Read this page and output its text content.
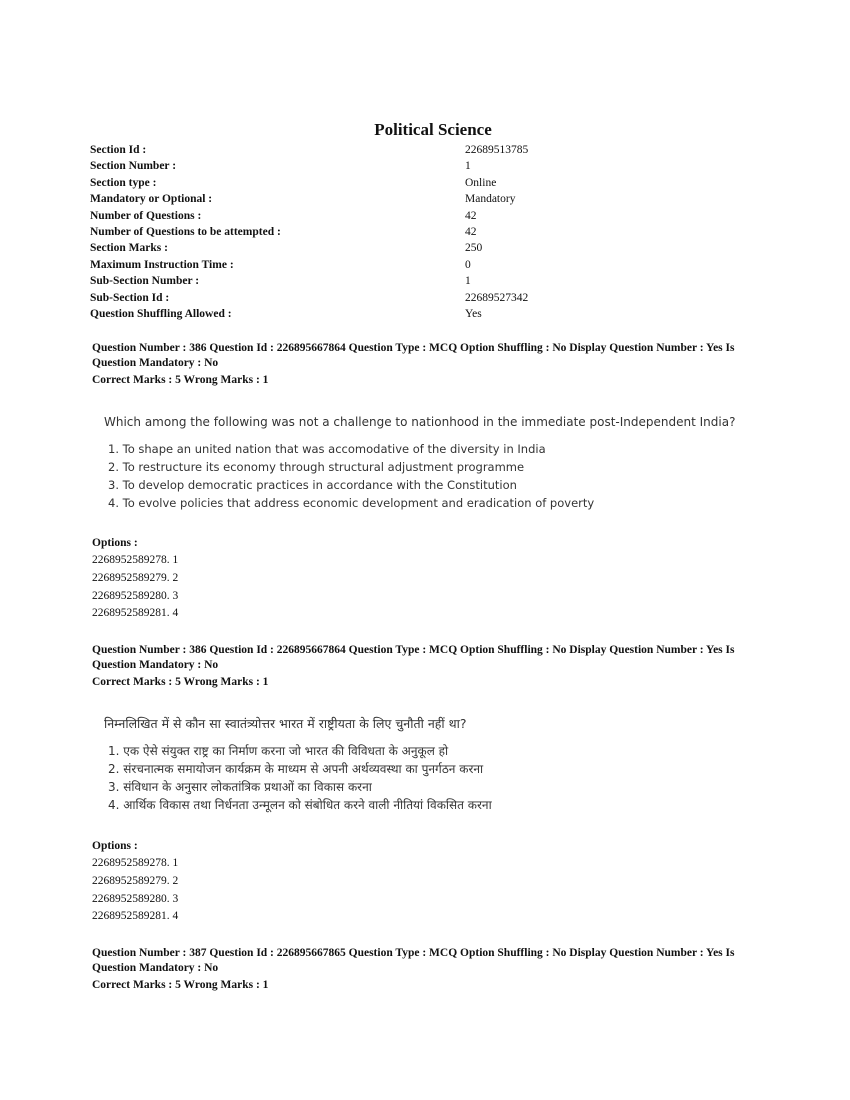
Political Science
Section Id :	22689513785
Section Number :	1
Section type :	Online
Mandatory or Optional :	Mandatory
Number of Questions :	42
Number of Questions to be attempted :	42
Section Marks :	250
Maximum Instruction Time :	0
Sub-Section Number :	1
Sub-Section Id :	22689527342
Question Shuffling Allowed :	Yes
Question Number : 386 Question Id : 226895667864 Question Type : MCQ Option Shuffling : No Display Question Number : Yes Is Question Mandatory : No
Correct Marks : 5 Wrong Marks : 1
Which among the following was not a challenge to nationhood in the immediate post-Independent India?
1. To shape an united nation that was accomodative of the diversity in India
2. To restructure its economy through structural adjustment programme
3. To develop democratic practices in accordance with the Constitution
4. To evolve policies that address economic development and eradication of poverty
Options :
2268952589278. 1
2268952589279. 2
2268952589280. 3
2268952589281. 4
Question Number : 386 Question Id : 226895667864 Question Type : MCQ Option Shuffling : No Display Question Number : Yes Is Question Mandatory : No
Correct Marks : 5 Wrong Marks : 1
निम्नलिखित में से कौन सा स्वातंत्र्योत्तर भारत में राष्ट्रीयता के लिए चुनौती नहीं था?
1. एक ऐसे संयुक्त राष्ट्र का निर्माण करना जो भारत की विविधता के अनुकूल हो
2. संरचनात्मक समायोजन कार्यक्रम के माध्यम से अपनी अर्थव्यवस्था का पुनर्गठन करना
3. संविधान के अनुसार लोकतांत्रिक प्रथाओं का विकास करना
4. आर्थिक विकास तथा निर्धनता उन्मूलन को संबोधित करने वाली नीतियां विकसित करना
Options :
2268952589278. 1
2268952589279. 2
2268952589280. 3
2268952589281. 4
Question Number : 387 Question Id : 226895667865 Question Type : MCQ Option Shuffling : No Display Question Number : Yes Is Question Mandatory : No
Correct Marks : 5 Wrong Marks : 1
